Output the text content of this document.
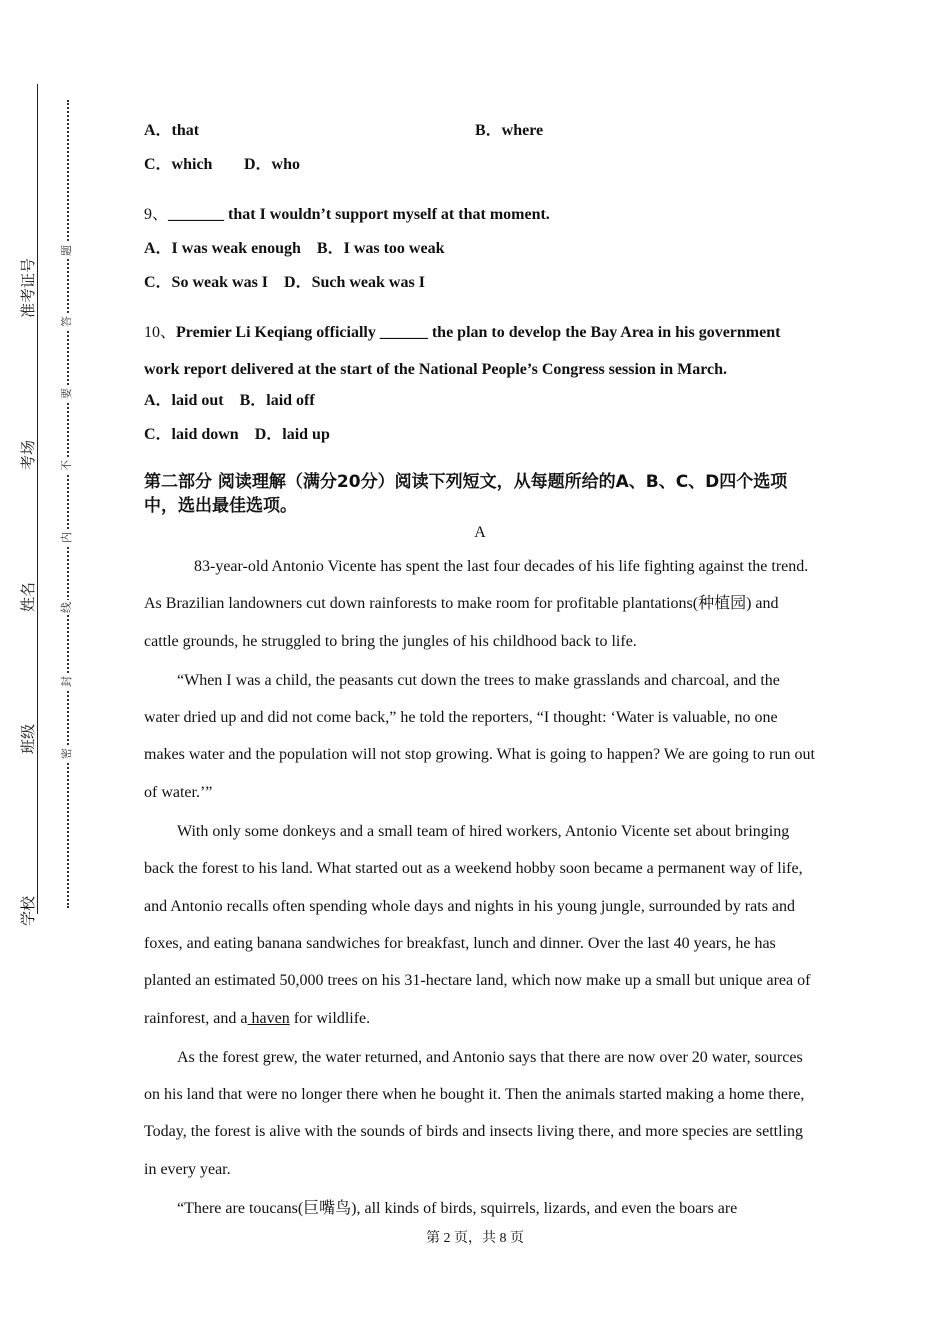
准考证号
考场
姓名
班级
学校
题
答
要
不
内
线
封
密
A．that	B．where
C．which D．who
9、_______ that I wouldn’t support myself at that moment.
A．I was weak enough　B．I was too weak
C．So weak was I　D．Such weak was I
10、Premier Li Keqiang officially ______ the plan to develop the Bay Area in his government work report delivered at the start of the National People’s Congress session in March.
A．laid out　B．laid off
C．laid down　D．laid up
第二部分 阅读理解（满分20分）阅读下列短文，从每题所给的A、B、C、D四个选项中，选出最佳选项。
A

83-year-old Antonio Vicente has spent the last four decades of his life fighting against the trend. As Brazilian landowners cut down rainforests to make room for profitable plantations(种植园) and cattle grounds, he struggled to bring the jungles of his childhood back to life.

“When I was a child, the peasants cut down the trees to make grasslands and charcoal, and the water dried up and did not come back,” he told the reporters, “I thought: ‘Water is valuable, no one makes water and the population will not stop growing. What is going to happen? We are going to run out of water.’”

With only some donkeys and a small team of hired workers, Antonio Vicente set about bringing back the forest to his land. What started out as a weekend hobby soon became a permanent way of life, and Antonio recalls often spending whole days and nights in his young jungle, surrounded by rats and foxes, and eating banana sandwiches for breakfast, lunch and dinner. Over the last 40 years, he has planted an estimated 50,000 trees on his 31-hectare land, which now make up a small but unique area of rainforest, and a haven for wildlife.

As the forest grew, the water returned, and Antonio says that there are now over 20 water, sources on his land that were no longer there when he bought it. Then the animals started making a home there, Today, the forest is alive with the sounds of birds and insects living there, and more species are settling in every year.

“There are toucans(巨嘴鸟), all kinds of birds, squirrels, lizards, and even the boars are

第 2 页，共 8 页
